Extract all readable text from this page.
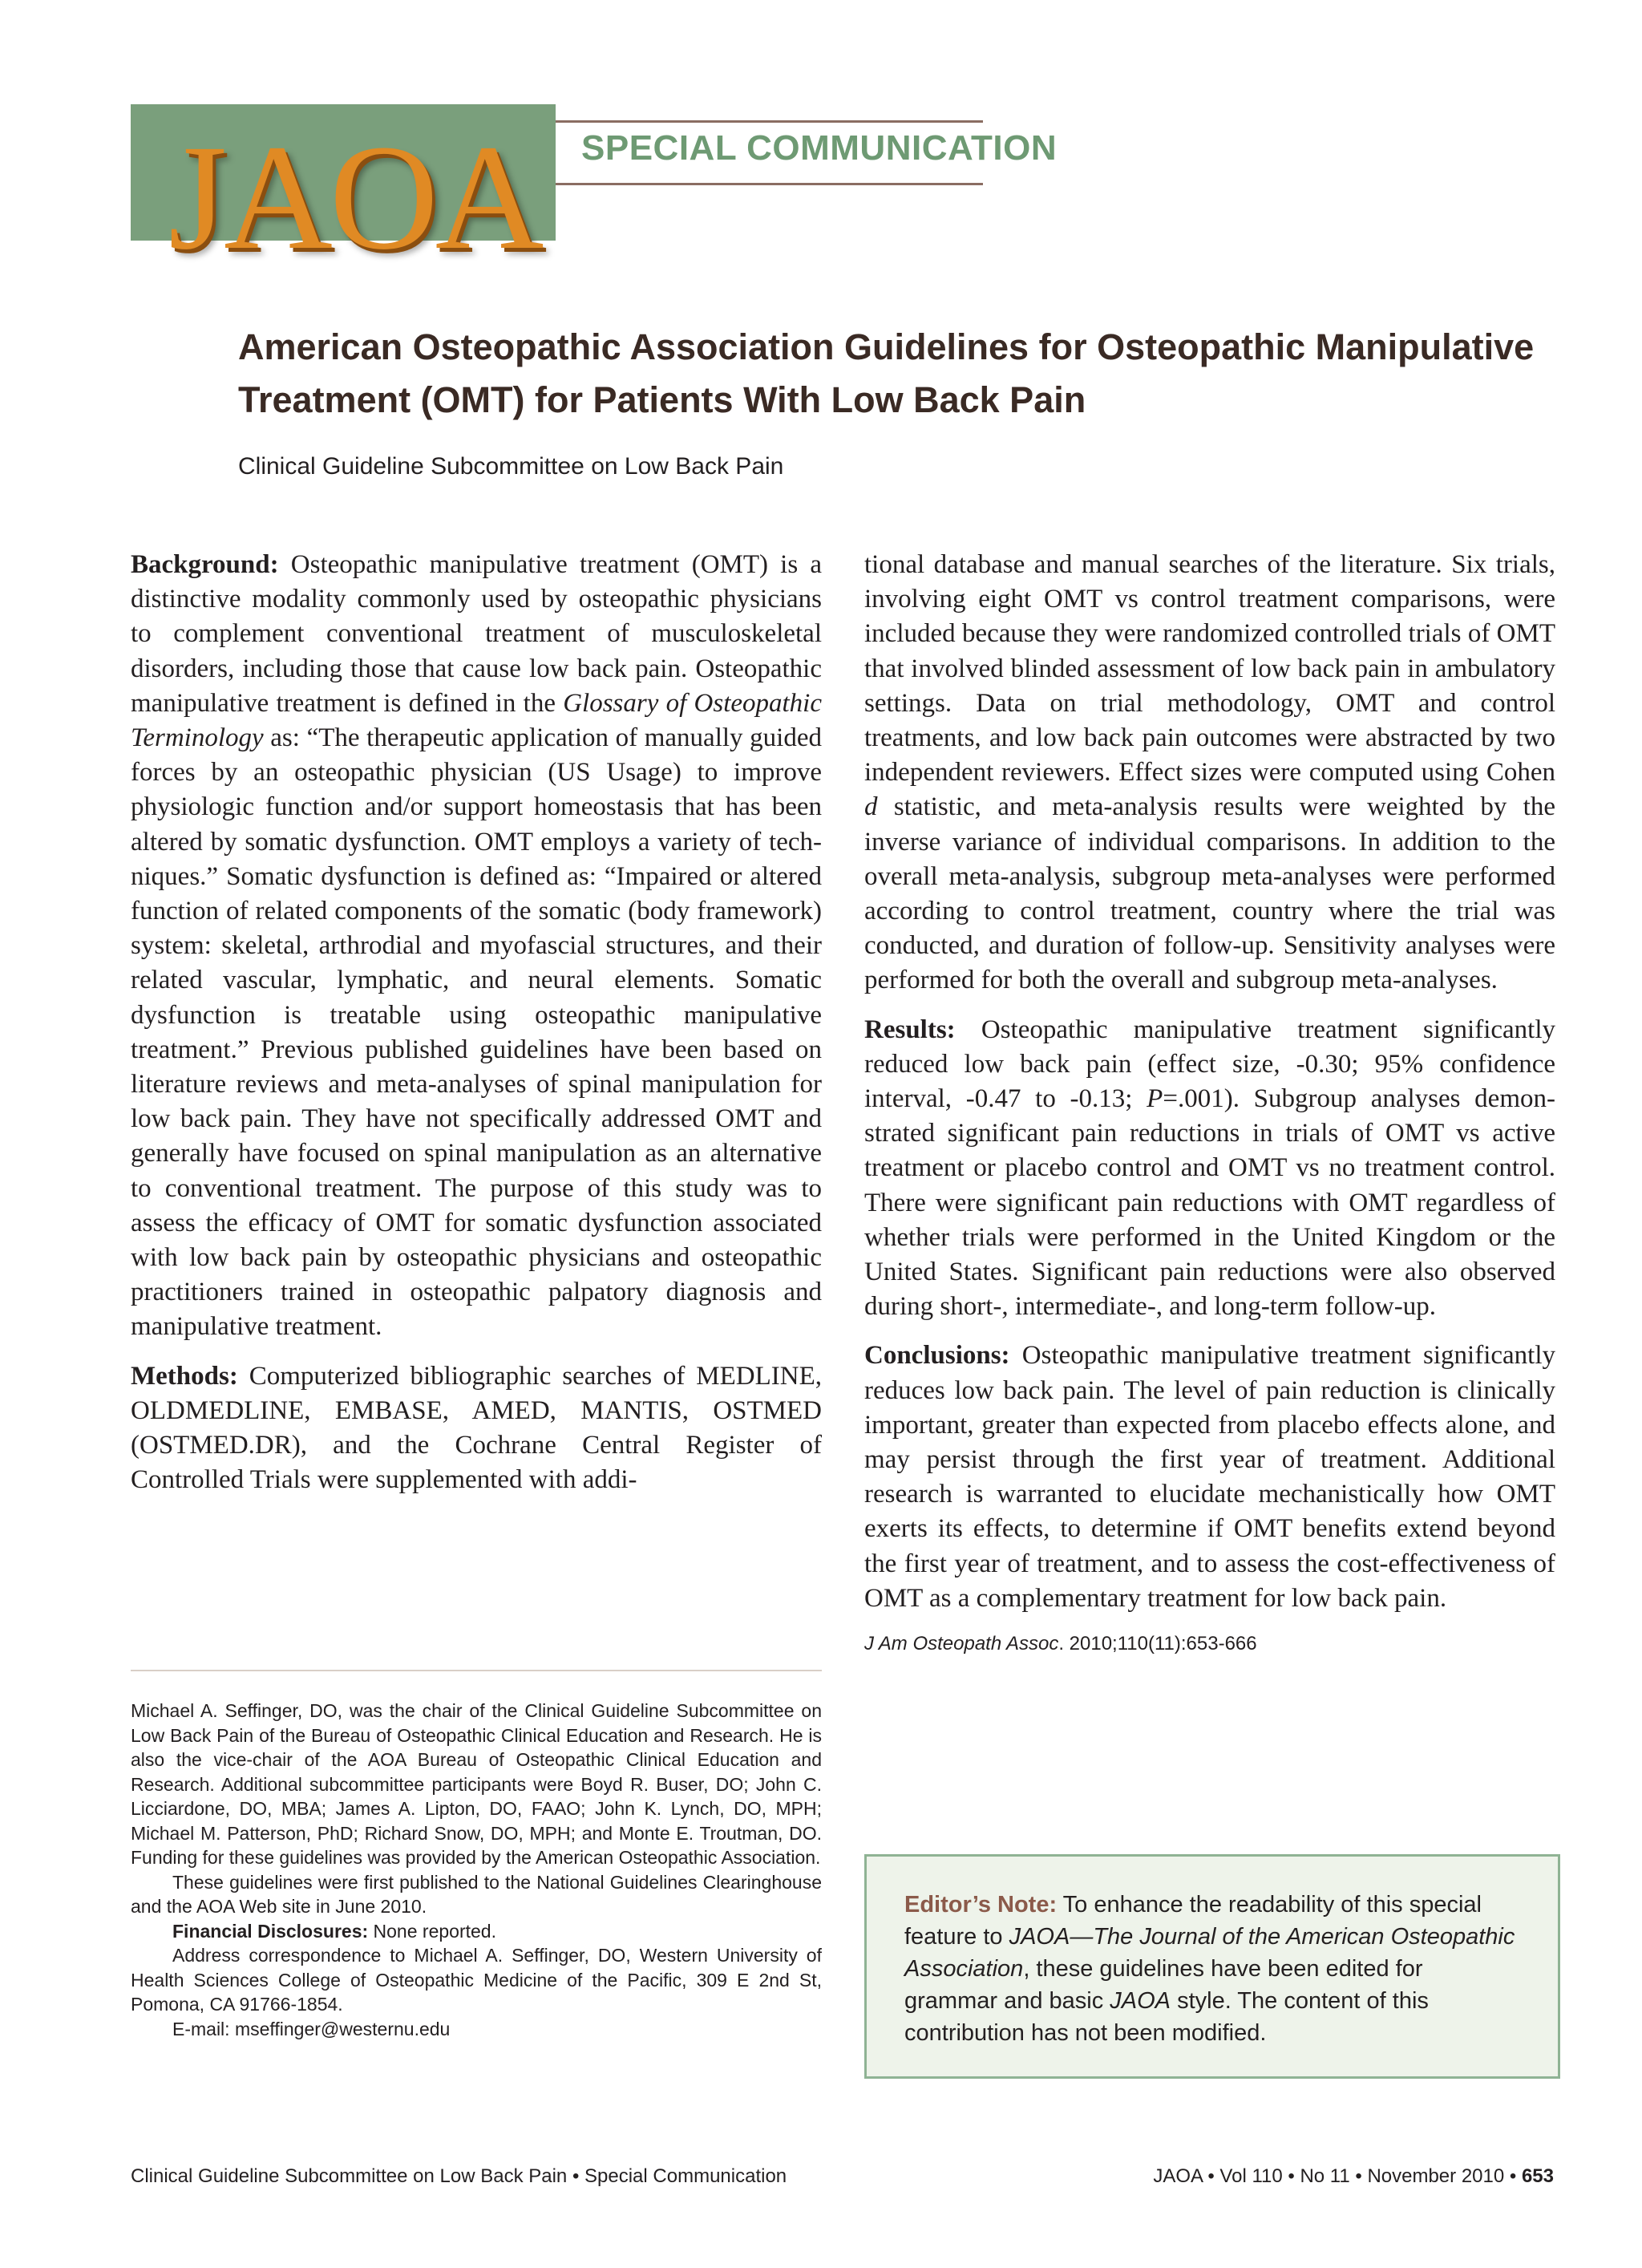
JAOA SPECIAL COMMUNICATION
American Osteopathic Association Guidelines for Osteopathic Manipulative Treatment (OMT) for Patients With Low Back Pain
Clinical Guideline Subcommittee on Low Back Pain

Background: Osteopathic manipulative treatment (OMT) is a distinctive modality commonly used by osteopathic physicians to complement conventional treatment of musculoskeletal disorders, including those that cause low back pain. Osteopathic manipulative treatment is defined in the Glossary of Osteopathic Terminology as: “The therapeutic application of manually guided forces by an osteopathic physician (US Usage) to improve physiologic function and/or support homeostasis that has been altered by somatic dysfunction. OMT employs a variety of techniques.” Somatic dysfunction is defined as: “Impaired or altered function of related components of the somatic (body framework) system: skeletal, arthrodial and myofascial structures, and their related vascular, lymphatic, and neural elements. Somatic dysfunction is treatable using osteopathic manipulative treatment.” Previous published guidelines have been based on literature reviews and meta-analyses of spinal manipulation for low back pain. They have not specifically addressed OMT and generally have focused on spinal manipulation as an alternative to conventional treatment. The purpose of this study was to assess the efficacy of OMT for somatic dysfunction associated with low back pain by osteopathic physicians and osteopathic practitioners trained in osteopathic palpatory diagnosis and manipulative treatment.

Methods: Computerized bibliographic searches of MEDLINE, OLDMEDLINE, EMBASE, AMED, MANTIS, OSTMED (OSTMED.DR), and the Cochrane Central Register of Controlled Trials were supplemented with addi-

Michael A. Seffinger, DO, was the chair of the Clinical Guideline Subcommittee on Low Back Pain of the Bureau of Osteopathic Clinical Education and Research. He is also the vice-chair of the AOA Bureau of Osteopathic Clinical Education and Research. Additional subcommittee participants were Boyd R. Buser, DO; John C. Licciardone, DO, MBA; James A. Lipton, DO, FAAO; John K. Lynch, DO, MPH; Michael M. Patterson, PhD; Richard Snow, DO, MPH; and Monte E. Troutman, DO. Funding for these guidelines was provided by the American Osteopathic Association.

These guidelines were first published to the National Guidelines Clearinghouse and the AOA Web site in June 2010.

Financial Disclosures: None reported.

Address correspondence to Michael A. Seffinger, DO, Western University of Health Sciences College of Osteopathic Medicine of the Pacific, 309 E 2nd St, Pomona, CA 91766-1854.

E-mail: mseffinger@westernu.edu

tional database and manual searches of the literature. Six trials, involving eight OMT vs control treatment comparisons, were included because they were randomized controlled trials of OMT that involved blinded assessment of low back pain in ambulatory settings. Data on trial methodology, OMT and control treatments, and low back pain outcomes were abstracted by two independent reviewers. Effect sizes were computed using Cohen d statistic, and meta-analysis results were weighted by the inverse variance of individual comparisons. In addition to the overall meta-analysis, subgroup meta-analyses were performed according to control treatment, country where the trial was conducted, and duration of follow-up. Sensitivity analyses were performed for both the overall and subgroup meta-analyses.

Results: Osteopathic manipulative treatment significantly reduced low back pain (effect size, -0.30; 95% confidence interval, -0.47 to -0.13; P=.001). Subgroup analyses demonstrated significant pain reductions in trials of OMT vs active treatment or placebo control and OMT vs no treatment control. There were significant pain reductions with OMT regardless of whether trials were performed in the United Kingdom or the United States. Significant pain reductions were also observed during short-, intermediate-, and long-term follow-up.

Conclusions: Osteopathic manipulative treatment significantly reduces low back pain. The level of pain reduction is clinically important, greater than expected from placebo effects alone, and may persist through the first year of treatment. Additional research is warranted to elucidate mechanistically how OMT exerts its effects, to determine if OMT benefits extend beyond the first year of treatment, and to assess the cost-effectiveness of OMT as a complementary treatment for low back pain.

J Am Osteopath Assoc. 2010;110(11):653-666
Editor’s Note: To enhance the readability of this special feature to JAOA—The Journal of the American Osteopathic Association, these guidelines have been edited for grammar and basic JAOA style. The content of this contribution has not been modified.
Clinical Guideline Subcommittee on Low Back Pain • Special Communication	JAOA • Vol 110 • No 11 • November 2010 • 653
